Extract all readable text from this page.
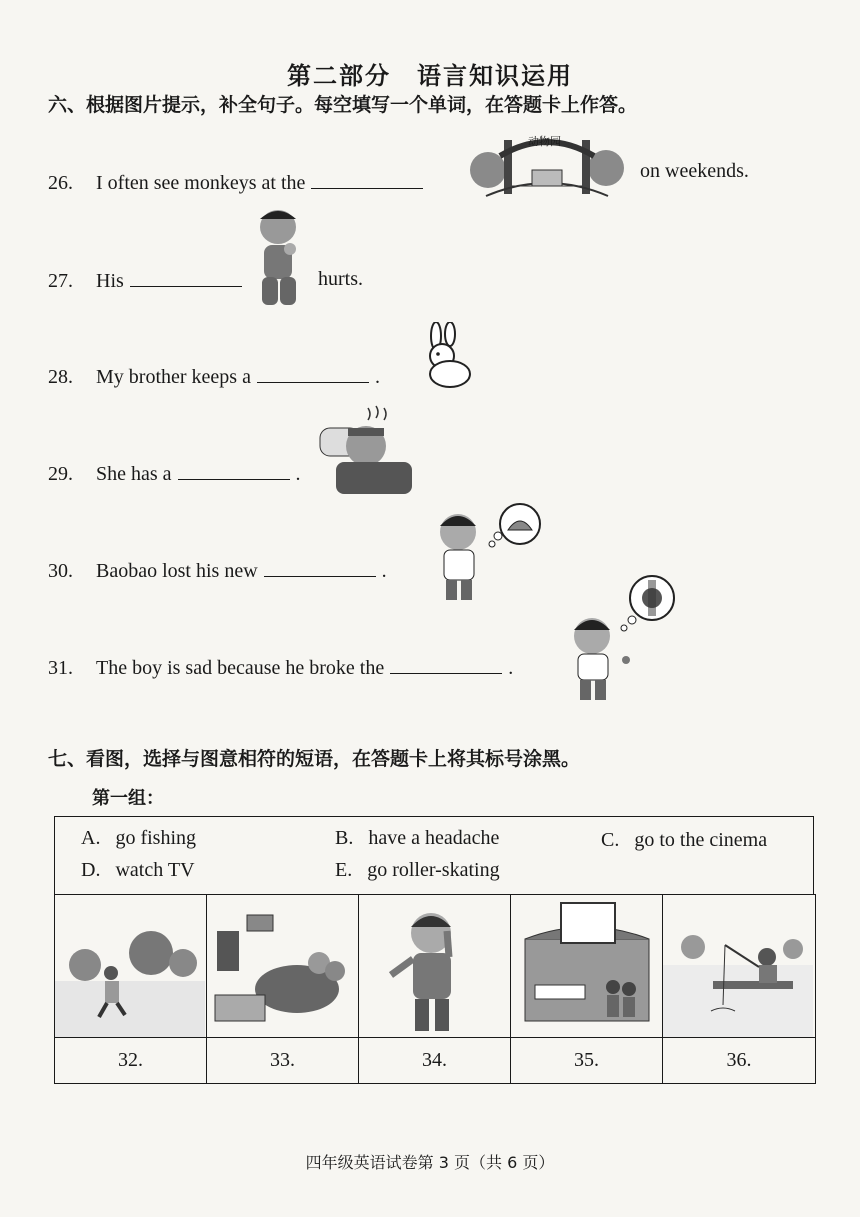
第二部分　语言知识运用
六、根据图片提示，补全句子。每空填写一个单词，在答题卡上作答。
26.	I often see monkeys at the
动物园
on weekends.
27.	His	hurts.
28.	My brother keeps a	.
29.	She has a	.
30.	Baobao lost his new	.
31.	The boy is sad because he broke the	.
七、看图，选择与图意相符的短语，在答题卡上将其标号涂黑。
第一组：
A. go fishing	B. have a headache	C. go to the cinema
D. watch TV	E. go roller-skating
32.	33.	34.	35.	36.
四年级英语试卷第 3 页（共 6 页）
